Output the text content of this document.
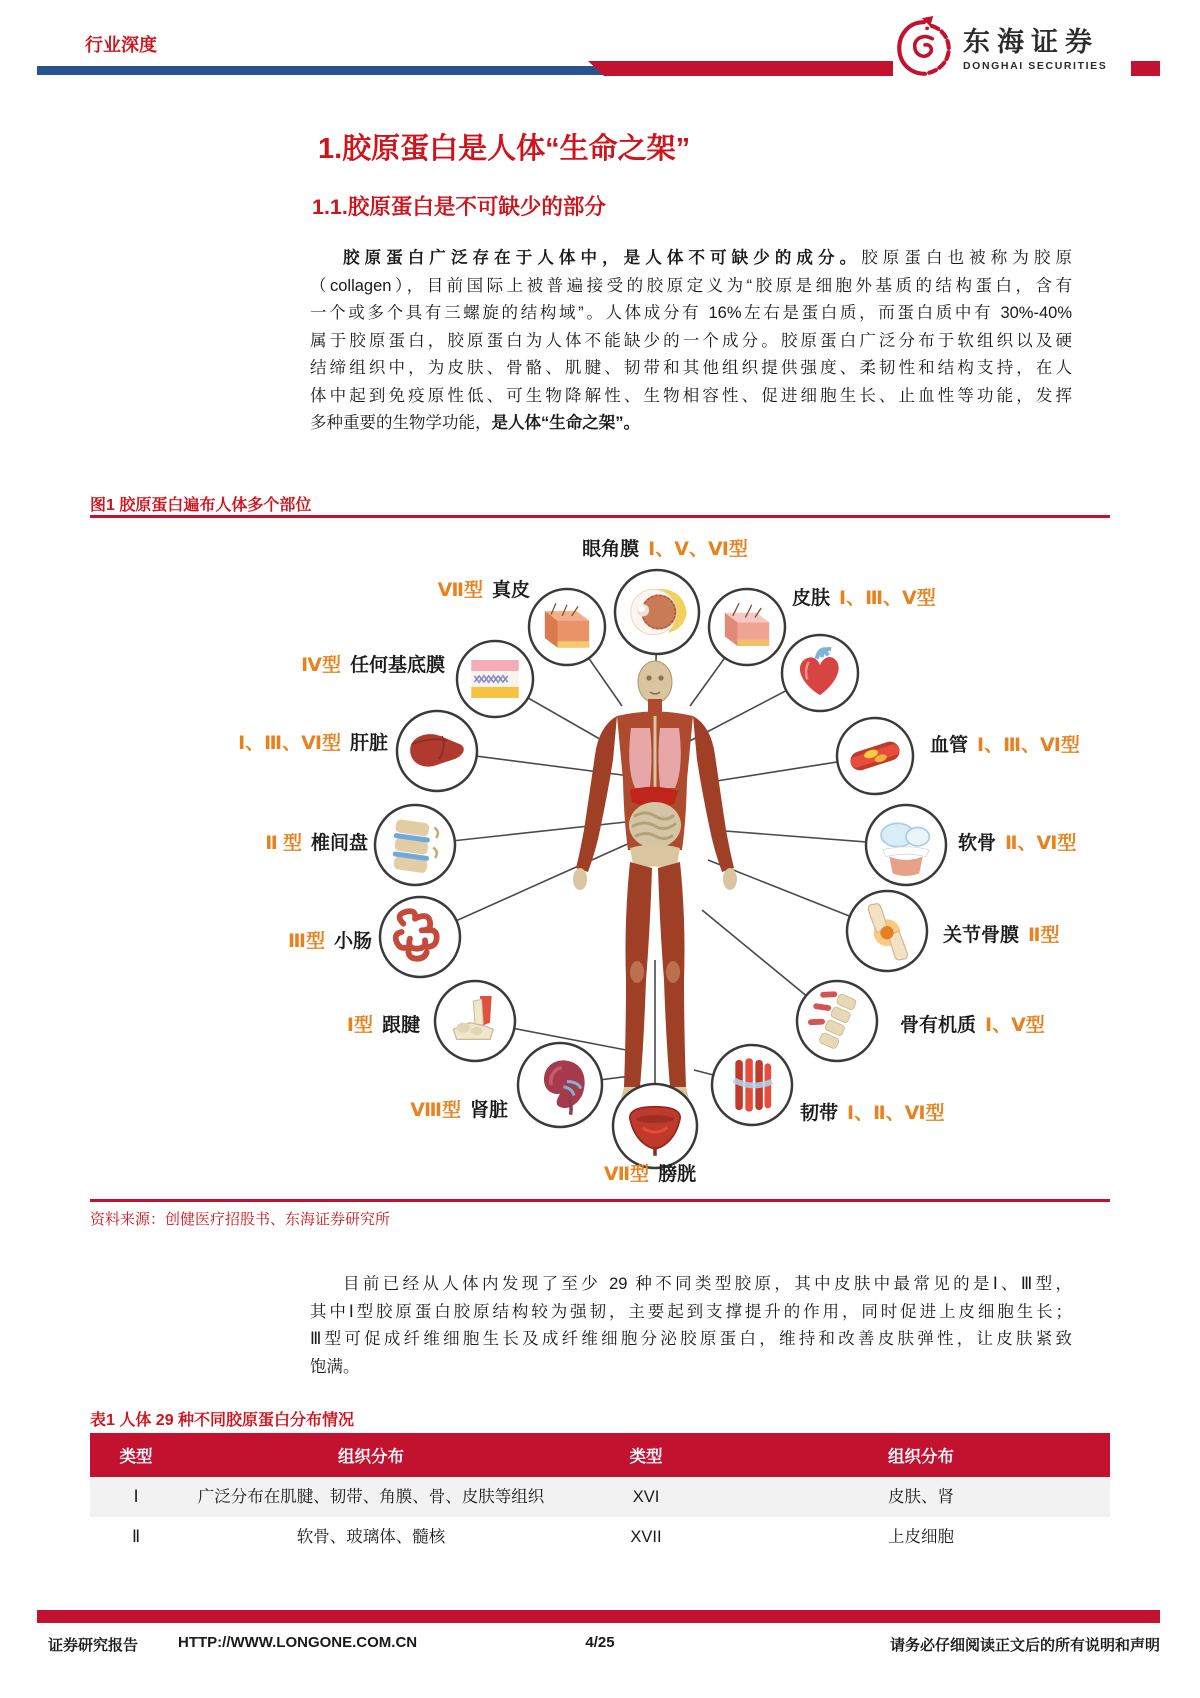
行业深度	东海证券
DONGHAI SECURITIES
1.胶原蛋白是人体“生命之架”
1.1.胶原蛋白是不可缺少的部分
胶原蛋白广泛存在于人体中，是人体不可缺少的成分。胶原蛋白也被称为胶原
（collagen），目前国际上被普遍接受的胶原定义为“胶原是细胞外基质的结构蛋白，含有
一个或多个具有三螺旋的结构域”。人体成分有 16%左右是蛋白质，而蛋白质中有 30%-40%
属于胶原蛋白，胶原蛋白为人体不能缺少的一个成分。胶原蛋白广泛分布于软组织以及硬
结缔组织中，为皮肤、骨骼、肌腱、韧带和其他组织提供强度、柔韧性和结构支持，在人
体中起到免疫原性低、可生物降解性、生物相容性、促进细胞生长、止血性等功能，发挥
多种重要的生物学功能，是人体“生命之架”。
图1 胶原蛋白遍布人体多个部位
眼角膜 Ⅰ、Ⅴ、Ⅵ型
Ⅶ型 真皮	皮肤 Ⅰ、Ⅲ、Ⅴ型
Ⅳ型 任何基底膜
Ⅰ、Ⅲ、Ⅵ型 肝脏	血管 Ⅰ、Ⅲ、Ⅵ型
Ⅱ 型 椎间盘	软骨 Ⅱ、Ⅵ型
Ⅲ型 小肠	关节骨膜 Ⅱ型
Ⅰ型 跟腱	骨有机质 Ⅰ、Ⅴ型
Ⅷ型 肾脏	韧带 Ⅰ、Ⅱ、Ⅵ型
Ⅶ型 膀胱
资料来源：创健医疗招股书、东海证券研究所
目前已经从人体内发现了至少 29 种不同类型胶原，其中皮肤中最常见的是Ⅰ、Ⅲ型，
其中Ⅰ型胶原蛋白胶原结构较为强韧，主要起到支撑提升的作用，同时促进上皮细胞生长；
Ⅲ型可促成纤维细胞生长及成纤维细胞分泌胶原蛋白，维持和改善皮肤弹性，让皮肤紧致
饱满。
表1 人体 29 种不同胶原蛋白分布情况
类型	组织分布	类型	组织分布
Ⅰ	广泛分布在肌腱、韧带、角膜、骨、皮肤等组织	XVI	皮肤、肾
Ⅱ	软骨、玻璃体、髓核	XVII	上皮细胞
证券研究报告	HTTP://WWW.LONGONE.COM.CN	4/25	请务必仔细阅读正文后的所有说明和声明
